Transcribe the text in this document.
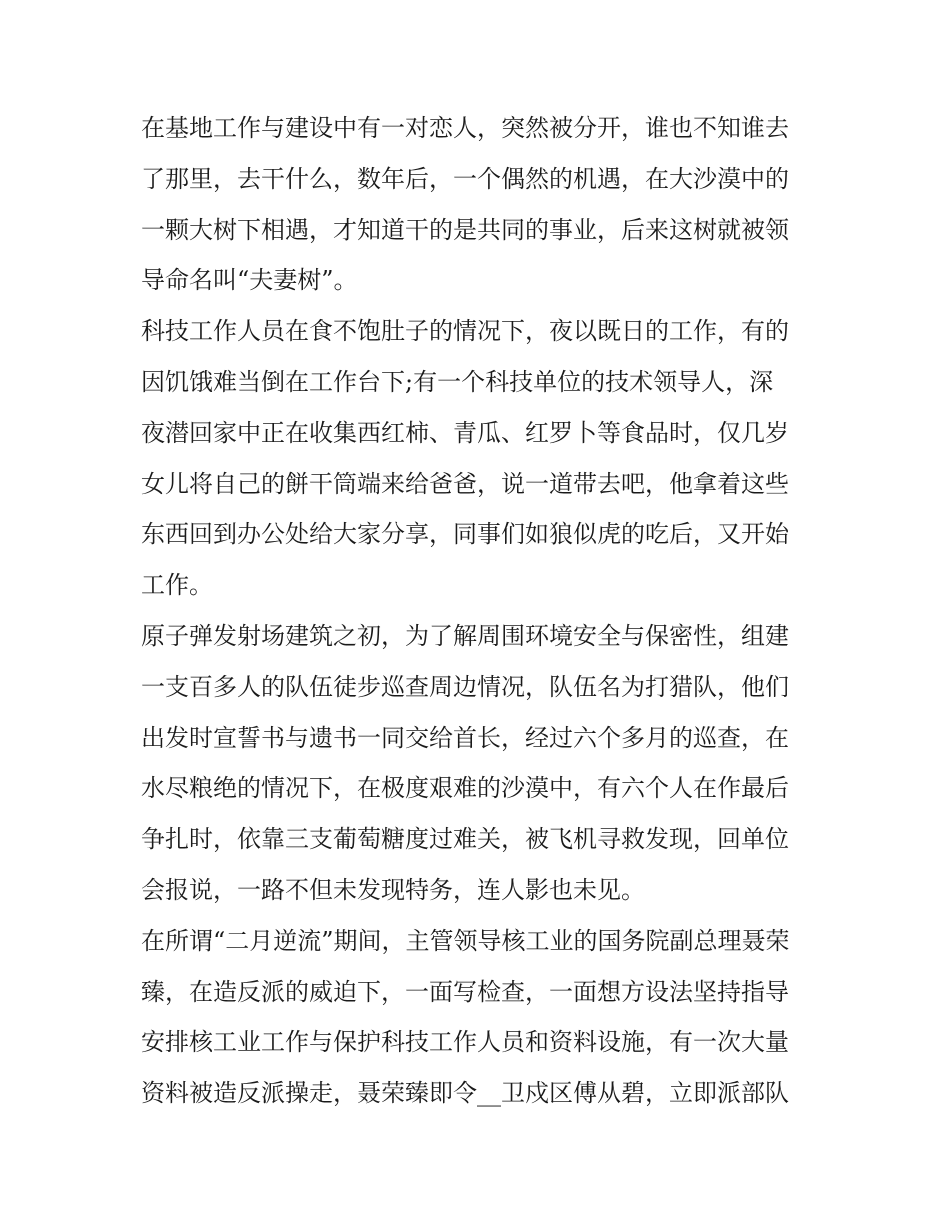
在基地工作与建设中有一对恋人，突然被分开，谁也不知谁去
了那里，去干什么，数年后，一个偶然的机遇，在大沙漠中的
一颗大树下相遇，才知道干的是共同的事业，后来这树就被领
导命名叫“夫妻树”。
科技工作人员在食不饱肚子的情况下，夜以既日的工作，有的
因饥饿难当倒在工作台下;有一个科技单位的技术领导人，深
夜潜回家中正在收集西红柿、青瓜、红罗卜等食品时，仅几岁
女儿将自己的餅干筒端来给爸爸，说一道带去吧，他拿着这些
东西回到办公处给大家分享，同事们如狼似虎的吃后，又开始
工作。
原子弹发射场建筑之初，为了解周围环境安全与保密性，组建
一支百多人的队伍徒步巡查周边情况，队伍名为打猎队，他们
出发时宣誓书与遗书一同交给首长，经过六个多月的巡查，在
水尽粮绝的情况下，在极度艰难的沙漠中，有六个人在作最后
争扎时，依靠三支葡萄糖度过难关，被飞机寻救发现，回单位
会报说，一路不但未发现特务，连人影也未见。
在所谓“二月逆流”期间，主管领导核工业的国务院副总理聂荣
臻，在造反派的威迫下，一面写检查，一面想方设法坚持指导
安排核工业工作与保护科技工作人员和资料设施，有一次大量
资料被造反派操走，聂荣臻即令__卫戍区傅从碧，立即派部队
